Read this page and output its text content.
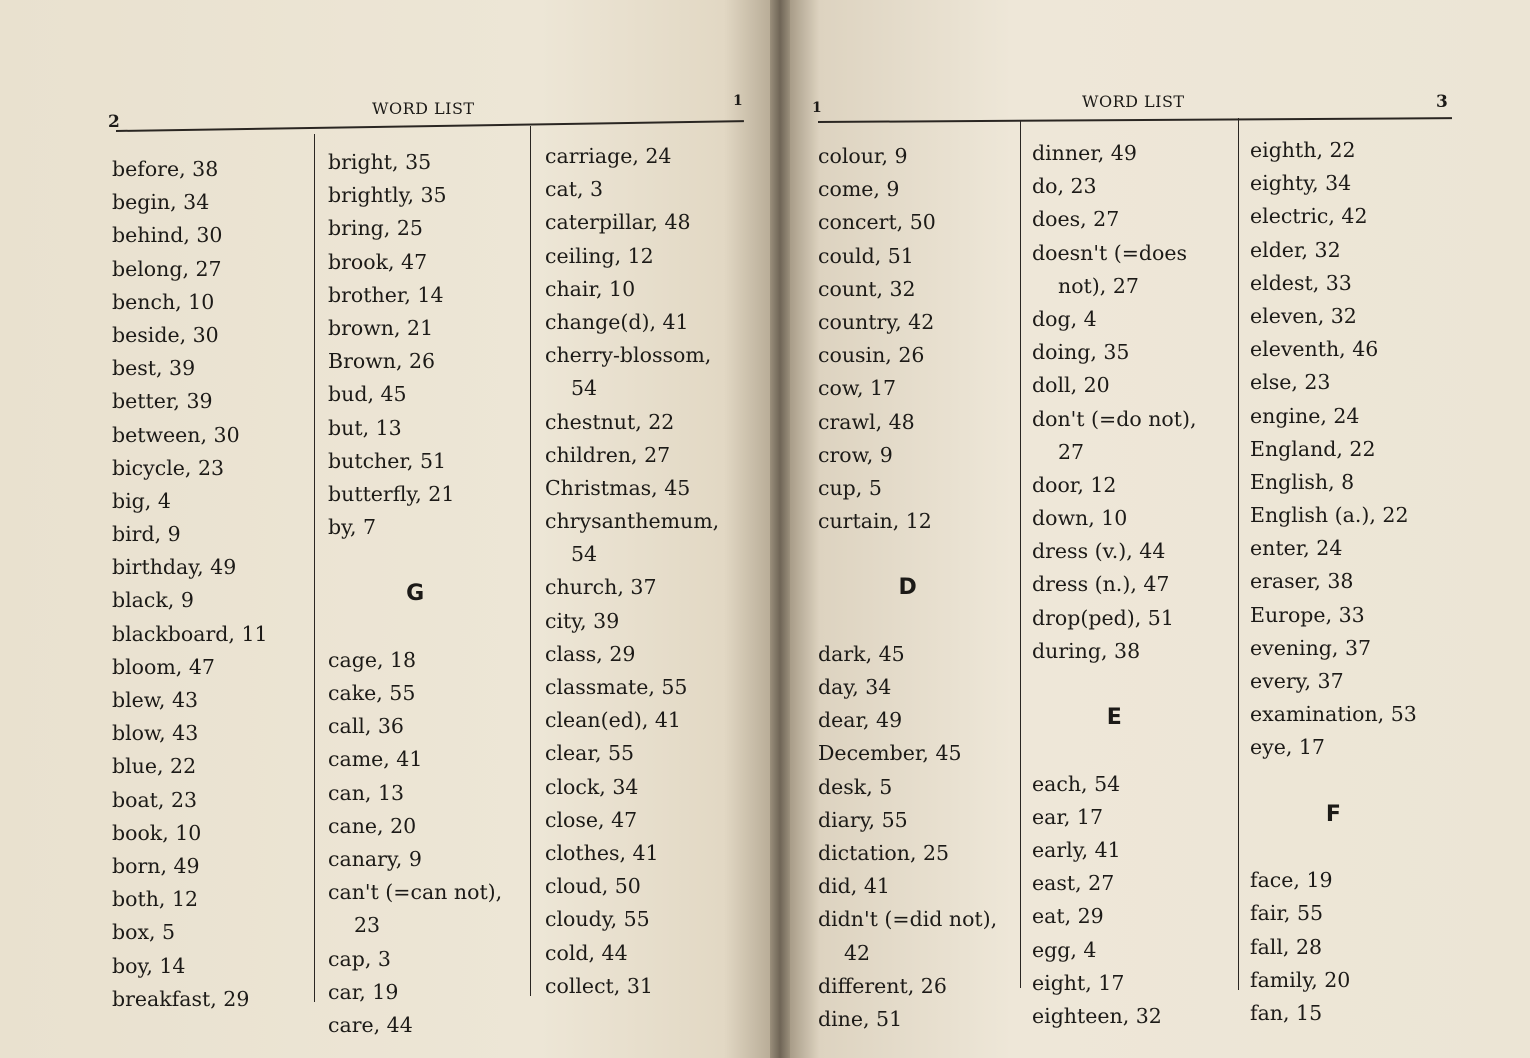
2
WORD LIST	1
before, 38
begin, 34
behind, 30
belong, 27
bench, 10
beside, 30
best, 39
better, 39
between, 30
bicycle, 23
big, 4
bird, 9
birthday, 49
black, 9
blackboard, 11
bloom, 47
blew, 43
blow, 43
blue, 22
boat, 23
book, 10
born, 49
both, 12
box, 5
boy, 14
breakfast, 29
bright, 35
brightly, 35
bring, 25
brook, 47
brother, 14
brown, 21
Brown, 26
bud, 45
but, 13
butcher, 51
butterfly, 21
by, 7

G

cage, 18
cake, 55
call, 36
came, 41
can, 13
cane, 20
canary, 9
can't (=can not),
23
cap, 3
car, 19
care, 44
carriage, 24
cat, 3
caterpillar, 48
ceiling, 12
chair, 10
change(d), 41
cherry-blossom,
54
chestnut, 22
children, 27
Christmas, 45
chrysanthemum,
54
church, 37
city, 39
class, 29
classmate, 55
clean(ed), 41
clear, 55
clock, 34
close, 47
clothes, 41
cloud, 50
cloudy, 55
cold, 44
collect, 31
1	WORD LIST	3
colour, 9
come, 9
concert, 50
could, 51
count, 32
country, 42
cousin, 26
cow, 17
crawl, 48
crow, 9
cup, 5
curtain, 12

D

dark, 45
day, 34
dear, 49
December, 45
desk, 5
diary, 55
dictation, 25
did, 41
didn't (=did not),
42
different, 26
dine, 51
dinner, 49
do, 23
does, 27
doesn't (=does
not), 27
dog, 4
doing, 35
doll, 20
don't (=do not),
27
door, 12
down, 10
dress (v.), 44
dress (n.), 47
drop(ped), 51
during, 38

E

each, 54
ear, 17
early, 41
east, 27
eat, 29
egg, 4
eight, 17
eighteen, 32
eighth, 22
eighty, 34
electric, 42
elder, 32
eldest, 33
eleven, 32
eleventh, 46
else, 23
engine, 24
England, 22
English, 8
English (a.), 22
enter, 24
eraser, 38
Europe, 33
evening, 37
every, 37
examination, 53
eye, 17

F

face, 19
fair, 55
fall, 28
family, 20
fan, 15
